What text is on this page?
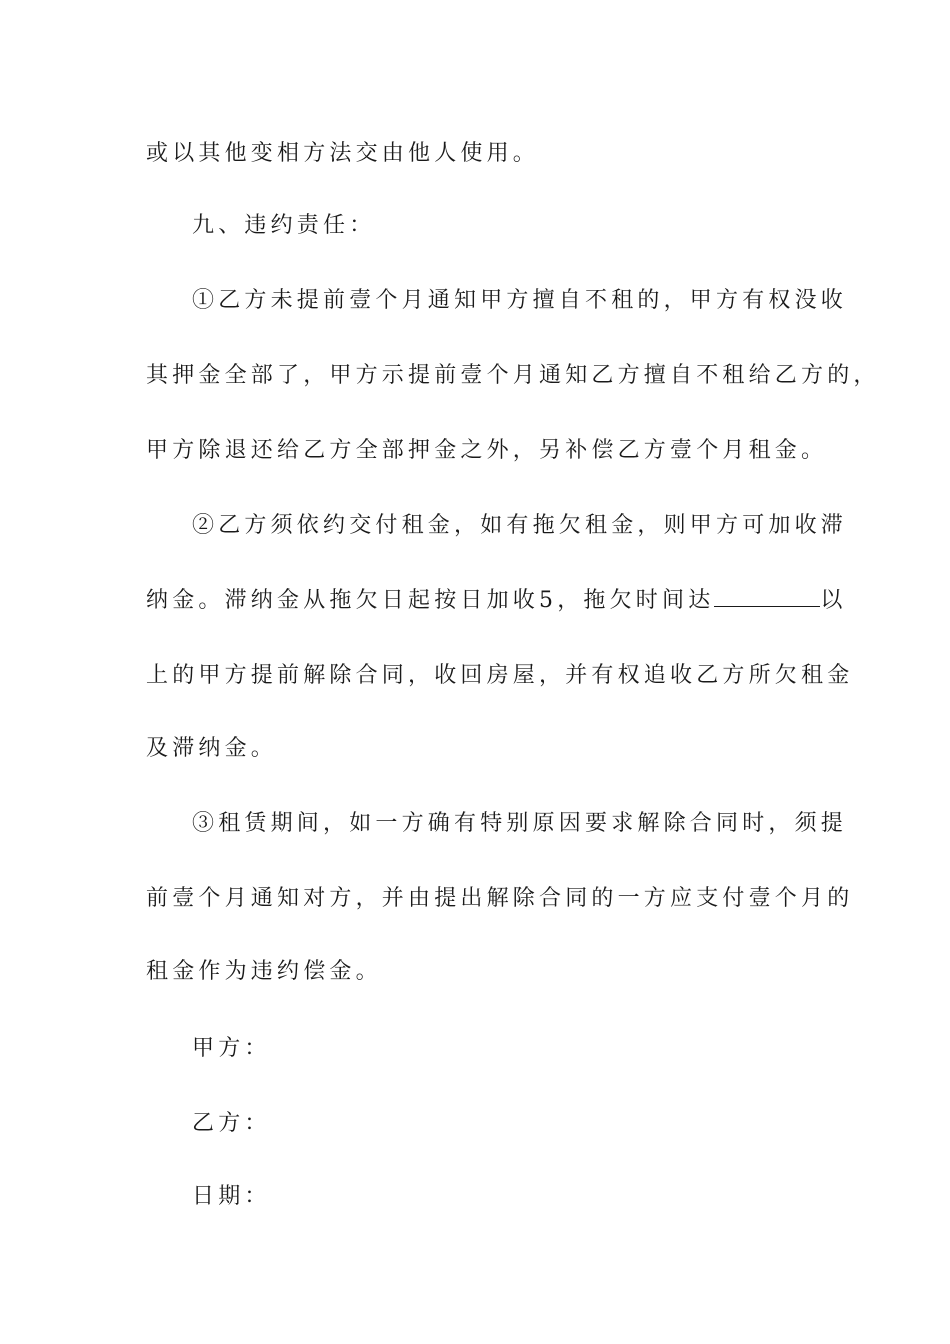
或以其他变相方法交由他人使用。
九、违约责任：
①乙方未提前壹个月通知甲方擅自不租的，甲方有权没收
其押金全部了，甲方示提前壹个月通知乙方擅自不租给乙方的，
甲方除退还给乙方全部押金之外，另补偿乙方壹个月租金。
②乙方须依约交付租金，如有拖欠租金，则甲方可加收滞
纳金。滞纳金从拖欠日起按日加收5，拖欠时间达	以
上的甲方提前解除合同，收回房屋，并有权追收乙方所欠租金
及滞纳金。
③租赁期间，如一方确有特别原因要求解除合同时，须提
前壹个月通知对方，并由提出解除合同的一方应支付壹个月的
租金作为违约偿金。
甲方：
乙方：
日期：
